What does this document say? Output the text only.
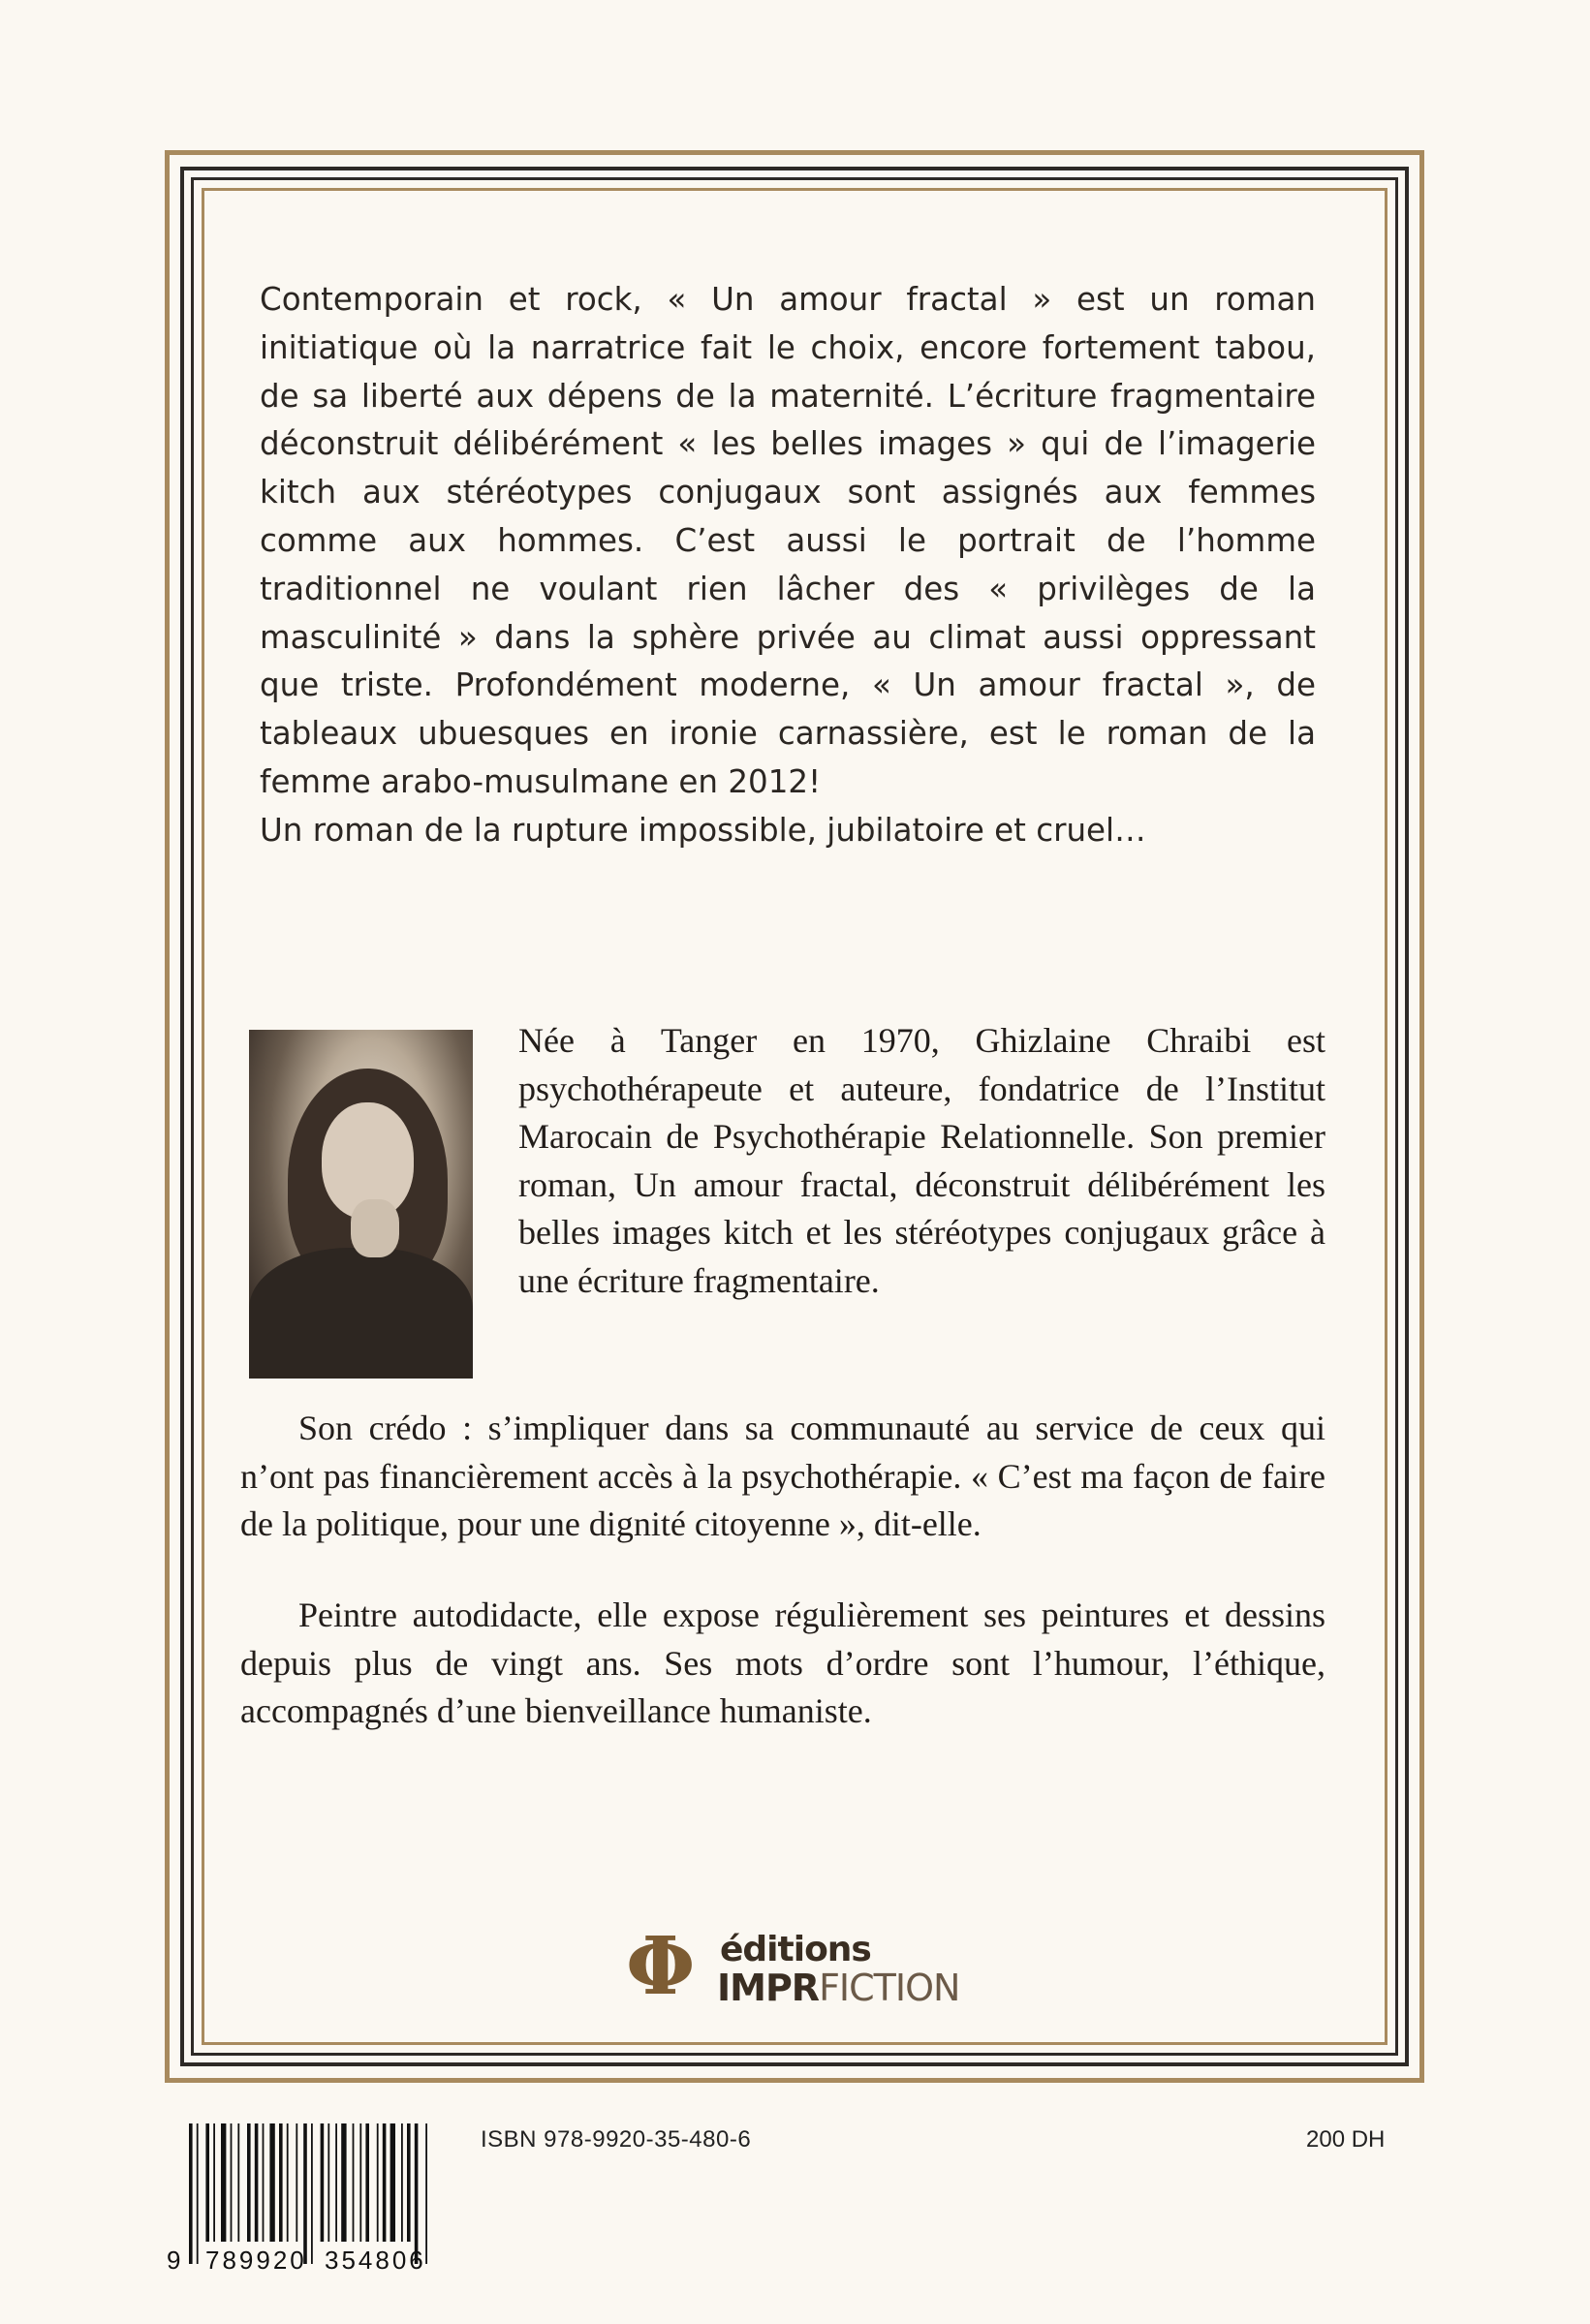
Contemporain et rock, « Un amour fractal » est un roman initiatique où la narratrice fait le choix, encore fortement tabou, de sa liberté aux dépens de la maternité. L’écriture fragmentaire déconstruit délibérément « les belles images » qui de l’imagerie kitch aux stéréotypes conjugaux sont assignés aux femmes comme aux hommes. C’est aussi le portrait de l’homme traditionnel ne voulant rien lâcher des « privilèges de la masculinité » dans la sphère privée au climat aussi oppressant que triste. Profondément moderne, « Un amour fractal », de tableaux ubuesques en ironie carnassière, est le roman de la femme arabo-musulmane en 2012!

Un roman de la rupture impossible, jubilatoire et cruel…

Née à Tanger en 1970, Ghizlaine Chraibi est psychothérapeute et auteure, fondatrice de l’Institut Marocain de Psychothérapie Relationnelle. Son premier roman, Un amour fractal, déconstruit délibérément les belles images kitch et les stéréotypes conjugaux grâce à une écriture fragmentaire.

Son crédo : s’impliquer dans sa communauté au service de ceux qui n’ont pas financièrement accès à la psychothérapie. « C’est ma façon de faire de la politique, pour une dignité citoyenne », dit-elle.

Peintre autodidacte, elle expose régulièrement ses peintures et dessins depuis plus de vingt ans. Ses mots d’ordre sont l’humour, l’éthique, accompagnés d’une bienveillance humaniste.

Φ éditions
IMPRFICTION
9 789920 354806
ISBN 978-9920-35-480-6	200 DH
